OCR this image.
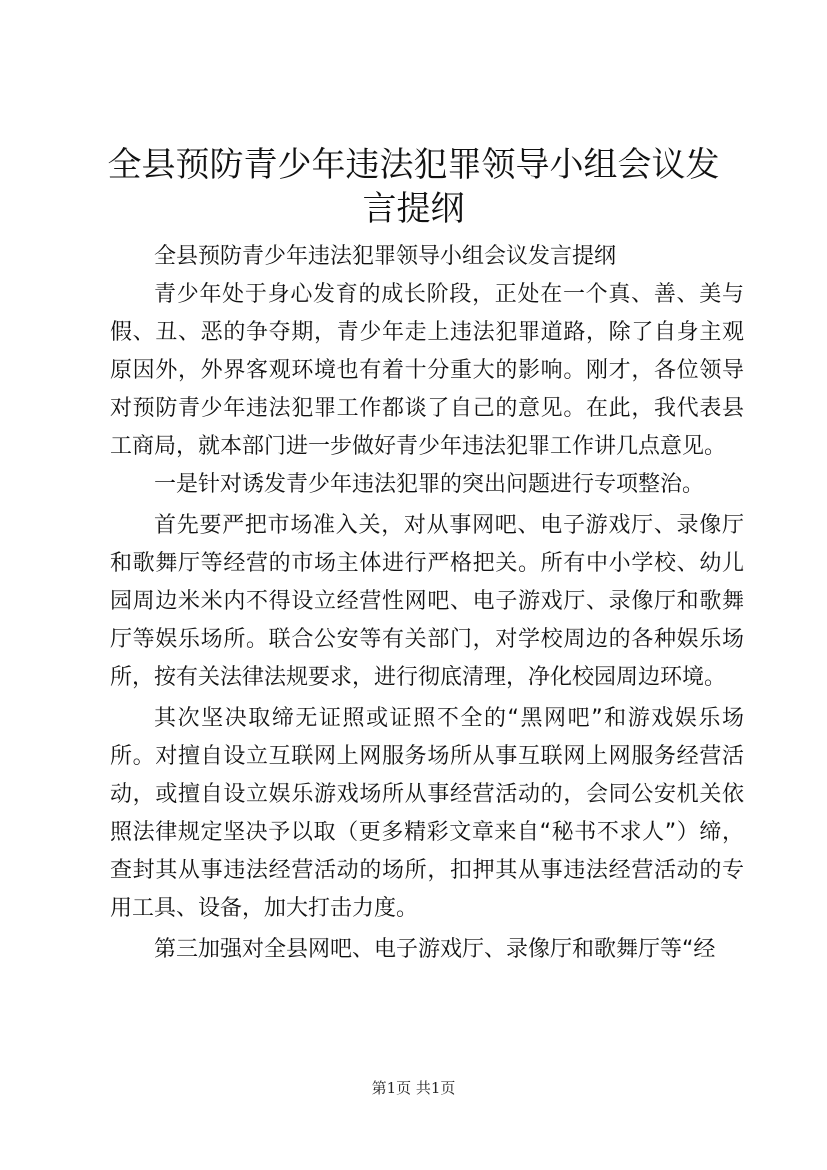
全县预防青少年违法犯罪领导小组会议发言提纲

全县预防青少年违法犯罪领导小组会议发言提纲

青少年处于身心发育的成长阶段，正处在一个真、善、美与假、丑、恶的争夺期，青少年走上违法犯罪道路，除了自身主观原因外，外界客观环境也有着十分重大的影响。刚才，各位领导对预防青少年违法犯罪工作都谈了自己的意见。在此，我代表县工商局，就本部门进一步做好青少年违法犯罪工作讲几点意见。

一是针对诱发青少年违法犯罪的突出问题进行专项整治。

首先要严把市场准入关，对从事网吧、电子游戏厅、录像厅和歌舞厅等经营的市场主体进行严格把关。所有中小学校、幼儿园周边米米内不得设立经营性网吧、电子游戏厅、录像厅和歌舞厅等娱乐场所。联合公安等有关部门，对学校周边的各种娱乐场所，按有关法律法规要求，进行彻底清理，净化校园周边环境。

其次坚决取缔无证照或证照不全的“黑网吧”和游戏娱乐场所。对擅自设立互联网上网服务场所从事互联网上网服务经营活动，或擅自设立娱乐游戏场所从事经营活动的，会同公安机关依照法律规定坚决予以取（更多精彩文章来自“秘书不求人”）缔，查封其从事违法经营活动的场所，扣押其从事违法经营活动的专用工具、设备，加大打击力度。

第三加强对全县网吧、电子游戏厅、录像厅和歌舞厅等“经

第1页 共1页
